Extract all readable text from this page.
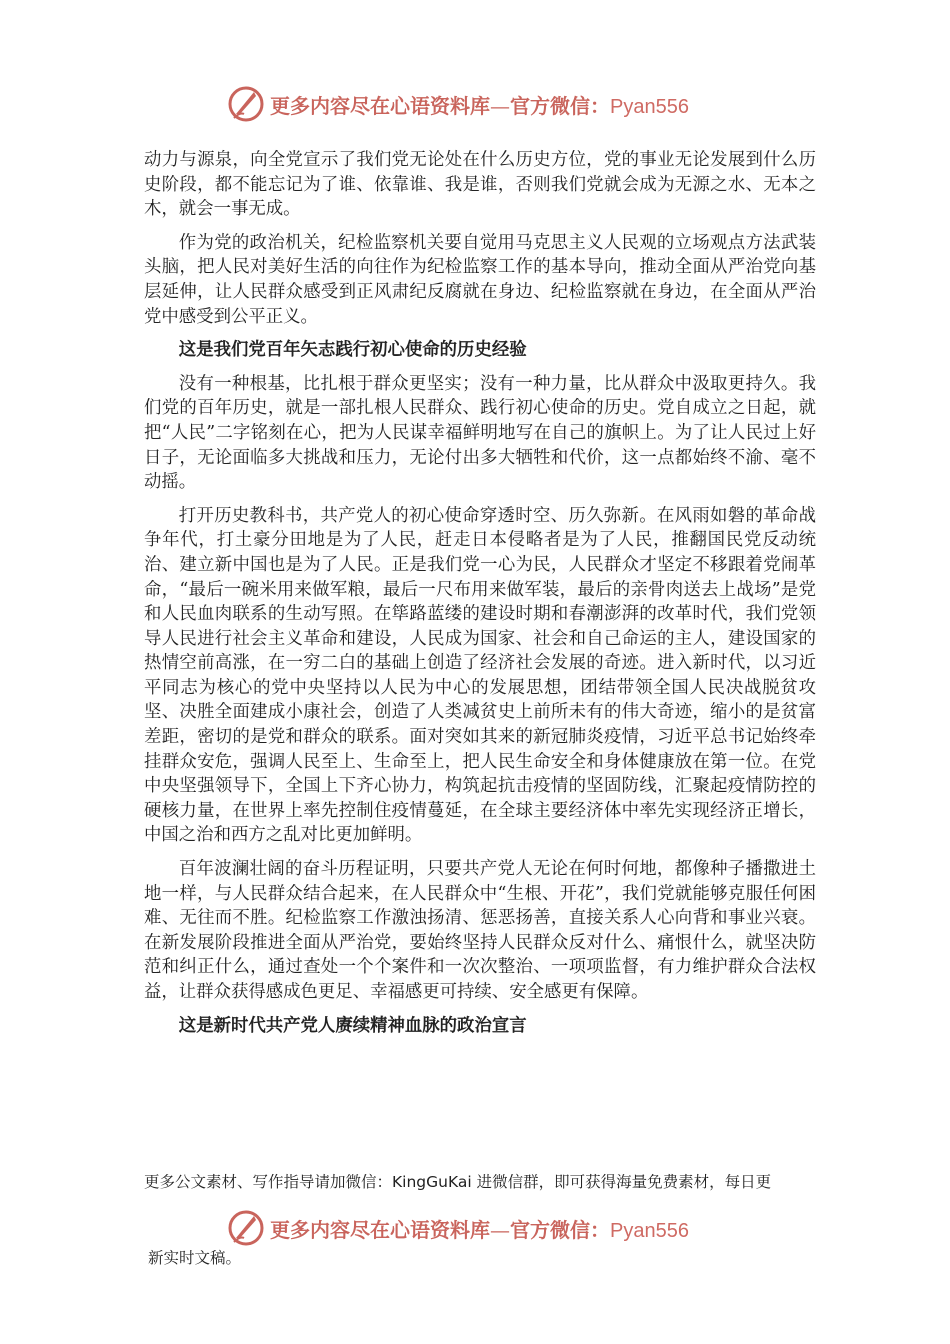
更多内容尽在心语资料库—官方微信：Pyan556

动力与源泉，向全党宣示了我们党无论处在什么历史方位，党的事业无论发展到什么历史阶段，都不能忘记为了谁、依靠谁、我是谁，否则我们党就会成为无源之水、无本之木，就会一事无成。

作为党的政治机关，纪检监察机关要自觉用马克思主义人民观的立场观点方法武装头脑，把人民对美好生活的向往作为纪检监察工作的基本导向，推动全面从严治党向基层延伸，让人民群众感受到正风肃纪反腐就在身边、纪检监察就在身边，在全面从严治党中感受到公平正义。

这是我们党百年矢志践行初心使命的历史经验

没有一种根基，比扎根于群众更坚实；没有一种力量，比从群众中汲取更持久。我们党的百年历史，就是一部扎根人民群众、践行初心使命的历史。党自成立之日起，就把“人民”二字铭刻在心，把为人民谋幸福鲜明地写在自己的旗帜上。为了让人民过上好日子，无论面临多大挑战和压力，无论付出多大牺牲和代价，这一点都始终不渝、毫不动摇。

打开历史教科书，共产党人的初心使命穿透时空、历久弥新。在风雨如磐的革命战争年代，打土豪分田地是为了人民，赶走日本侵略者是为了人民，推翻国民党反动统治、建立新中国也是为了人民。正是我们党一心为民，人民群众才坚定不移跟着党闹革命，“最后一碗米用来做军粮，最后一尺布用来做军装，最后的亲骨肉送去上战场”是党和人民血肉联系的生动写照。在筚路蓝缕的建设时期和春潮澎湃的改革时代，我们党领导人民进行社会主义革命和建设，人民成为国家、社会和自己命运的主人，建设国家的热情空前高涨，在一穷二白的基础上创造了经济社会发展的奇迹。进入新时代，以习近平同志为核心的党中央坚持以人民为中心的发展思想，团结带领全国人民决战脱贫攻坚、决胜全面建成小康社会，创造了人类减贫史上前所未有的伟大奇迹，缩小的是贫富差距，密切的是党和群众的联系。面对突如其来的新冠肺炎疫情，习近平总书记始终牵挂群众安危，强调人民至上、生命至上，把人民生命安全和身体健康放在第一位。在党中央坚强领导下，全国上下齐心协力，构筑起抗击疫情的坚固防线，汇聚起疫情防控的硬核力量，在世界上率先控制住疫情蔓延，在全球主要经济体中率先实现经济正增长，中国之治和西方之乱对比更加鲜明。

百年波澜壮阔的奋斗历程证明，只要共产党人无论在何时何地，都像种子播撒进土地一样，与人民群众结合起来，在人民群众中“生根、开花”，我们党就能够克服任何困难、无往而不胜。纪检监察工作激浊扬清、惩恶扬善，直接关系人心向背和事业兴衰。在新发展阶段推进全面从严治党，要始终坚持人民群众反对什么、痛恨什么，就坚决防范和纠正什么，通过查处一个个案件和一次次整治、一项项监督，有力维护群众合法权益，让群众获得感成色更足、幸福感更可持续、安全感更有保障。

这是新时代共产党人赓续精神血脉的政治宣言

更多公文素材、写作指导请加微信：KingGuKai 进微信群，即可获得海量免费素材，每日更
更多内容尽在心语资料库—官方微信：Pyan556
新实时文稿。
